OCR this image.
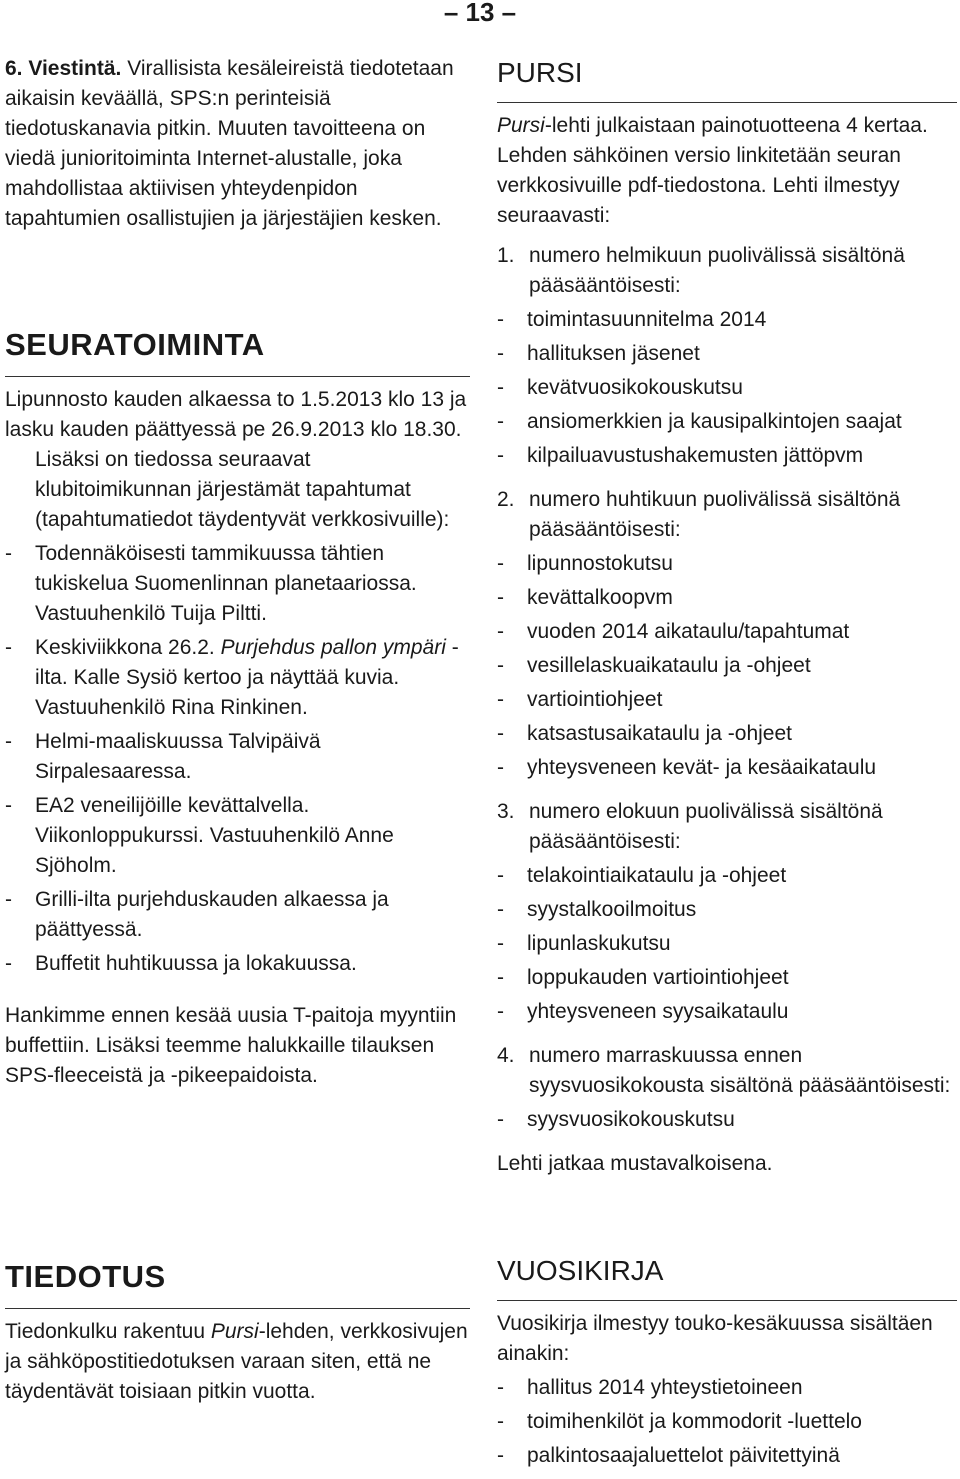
– 13 –

6. Viestintä. Virallisista kesäleireistä tiedotetaan aikaisin keväällä, SPS:n perinteisiä tiedotuskanavia pitkin. Muuten tavoitteena on viedä junioritoiminta Internet-alustalle, joka mahdollistaa aktiivisen yhteydenpidon tapahtumien osallistujien ja järjestäjien kesken.

SEURATOIMINTA

Lipunnosto kauden alkaessa to 1.5.2013 klo 13 ja lasku kauden päättyessä pe 26.9.2013 klo 18.30.

Lisäksi on tiedossa seuraavat klubitoimikunnan järjestämät tapahtumat (tapahtumatiedot täydentyvät verkkosivuille):

- Todennäköisesti tammikuussa tähtien tukiskelua Suomenlinnan planetaariossa. Vastuuhenkilö Tuija Piltti.
- Keskiviikkona 26.2. Purjehdus pallon ympäri -ilta. Kalle Sysiö kertoo ja näyttää kuvia. Vastuuhenkilö Rina Rinkinen.
- Helmi-maaliskuussa Talvipäivä Sirpalesaaressa.
- EA2 veneilijöille kevättalvella. Viikonloppukurssi. Vastuuhenkilö Anne Sjöholm.
- Grilli-ilta purjehduskauden alkaessa ja päättyessä.
- Buffetit huhtikuussa ja lokakuussa.

Hankimme ennen kesää uusia T-paitoja myyntiin buffettiin. Lisäksi teemme halukkaille tilauksen SPS-fleeceistä ja -pikeepaidoista.

TIEDOTUS

Tiedonkulku rakentuu Pursi-lehden, verkkosivujen ja sähköpostitiedotuksen varaan siten, että ne täydentävät toisiaan pitkin vuotta.

PURSI

Pursi-lehti julkaistaan painotuotteena 4 kertaa. Lehden sähköinen versio linkitetään seuran verkkosivuille pdf-tiedostona. Lehti ilmestyy seuraavasti:

1. numero helmikuun puolivälissä sisältönä pääsääntöisesti:
- toimintasuunnitelma 2014
- hallituksen jäsenet
- kevätvuosikokouskutsu
- ansiomerkkien ja kausipalkintojen saajat
- kilpailuavustushakemusten jättöpvm
2. numero huhtikuun puolivälissä sisältönä pääsääntöisesti:
- lipunnostokutsu
- kevättalkoopvm
- vuoden 2014 aikataulu/tapahtumat
- vesillelaskuaikataulu ja -ohjeet
- vartiointiohjeet
- katsastusaikataulu ja -ohjeet
- yhteysveneen kevät- ja kesäaikataulu
3. numero elokuun puolivälissä sisältönä pääsääntöisesti:
- telakointiaikataulu ja -ohjeet
- syystalkooilmoitus
- lipunlaskukutsu
- loppukauden vartiointiohjeet
- yhteysveneen syysaikataulu
4. numero marraskuussa ennen syysvuosikokousta sisältönä pääsääntöisesti:
- syysvuosikokouskutsu

Lehti jatkaa mustavalkoisena.

VUOSIKIRJA

Vuosikirja ilmestyy touko-kesäkuussa sisältäen ainakin:

- hallitus 2014 yhteystietoineen
- toimihenkilöt ja kommodorit -luettelo
- palkintosaajaluettelot päivitettyinä
